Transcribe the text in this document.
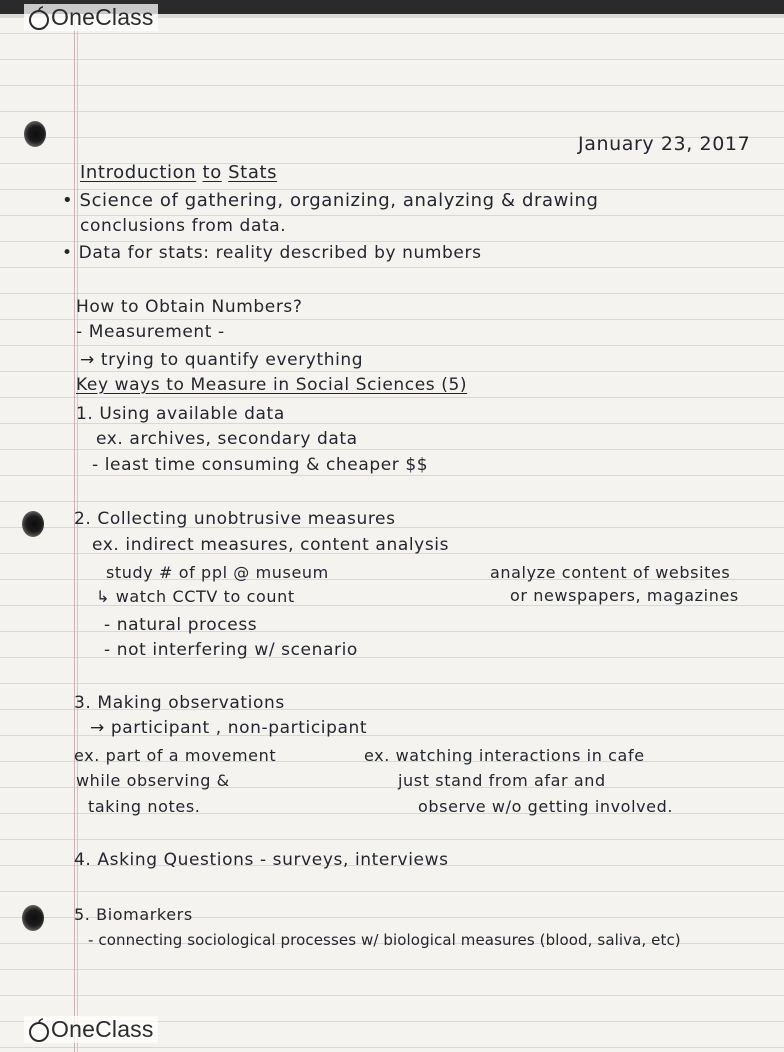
OneClass
OneClass
January 23, 2017
Introduction to Stats
• Science of gathering, organizing, analyzing & drawing
conclusions from data.
• Data for stats: reality described by numbers
How to Obtain Numbers?
- Measurement -
→ trying to quantify everything
Key ways to Measure in Social Sciences (5)
1. Using available data
ex. archives, secondary data
- least time consuming & cheaper $$
2. Collecting unobtrusive measures
ex. indirect measures, content analysis
study # of ppl @ museum
↳ watch CCTV to count
analyze content of websites
or newspapers, magazines
- natural process
- not interfering w/ scenario
3. Making observations
→ participant , non-participant
ex. part of a movement
while observing &
taking notes.
ex. watching interactions in cafe
just stand from afar and
observe w/o getting involved.
4. Asking Questions - surveys, interviews
5. Biomarkers
- connecting sociological processes w/ biological measures (blood, saliva, etc)
